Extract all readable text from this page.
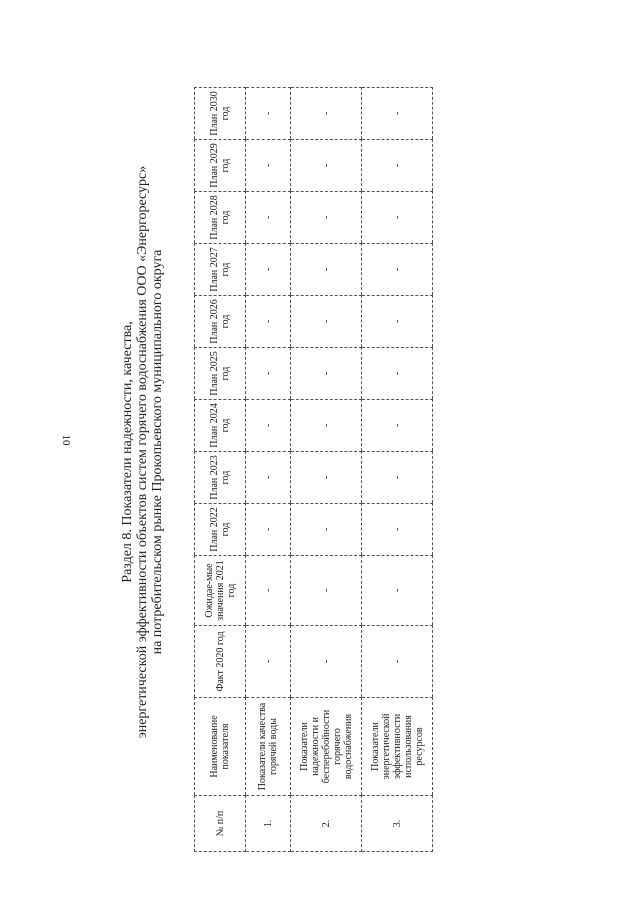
10	Раздел 8. Показатели надежности, качества, энергетической эффективности объектов систем горячего водоснабжения ООО «Энергоресурс» на потребительском рынке Прокопьевского муниципального округа
№ п/п	Наименование показателя	Факт 2020 год	Ожидае-мые значения 2021 год	План 2022 год	План 2023 год	План 2024 год	План 2025 год	План 2026 год	План 2027 год	План 2028 год	План 2029 год	План 2030 год
1.	Показатели качества горячей воды	-	-	-	-	-	-	-	-	-	-	-
2.	Показатели надежности и бесперебойности горячего водоснабжения	-	-	-	-	-	-	-	-	-	-	-
3.	Показатели энергетической эффективности использования ресурсов	-	-	-	-	-	-	-	-	-	-	-
